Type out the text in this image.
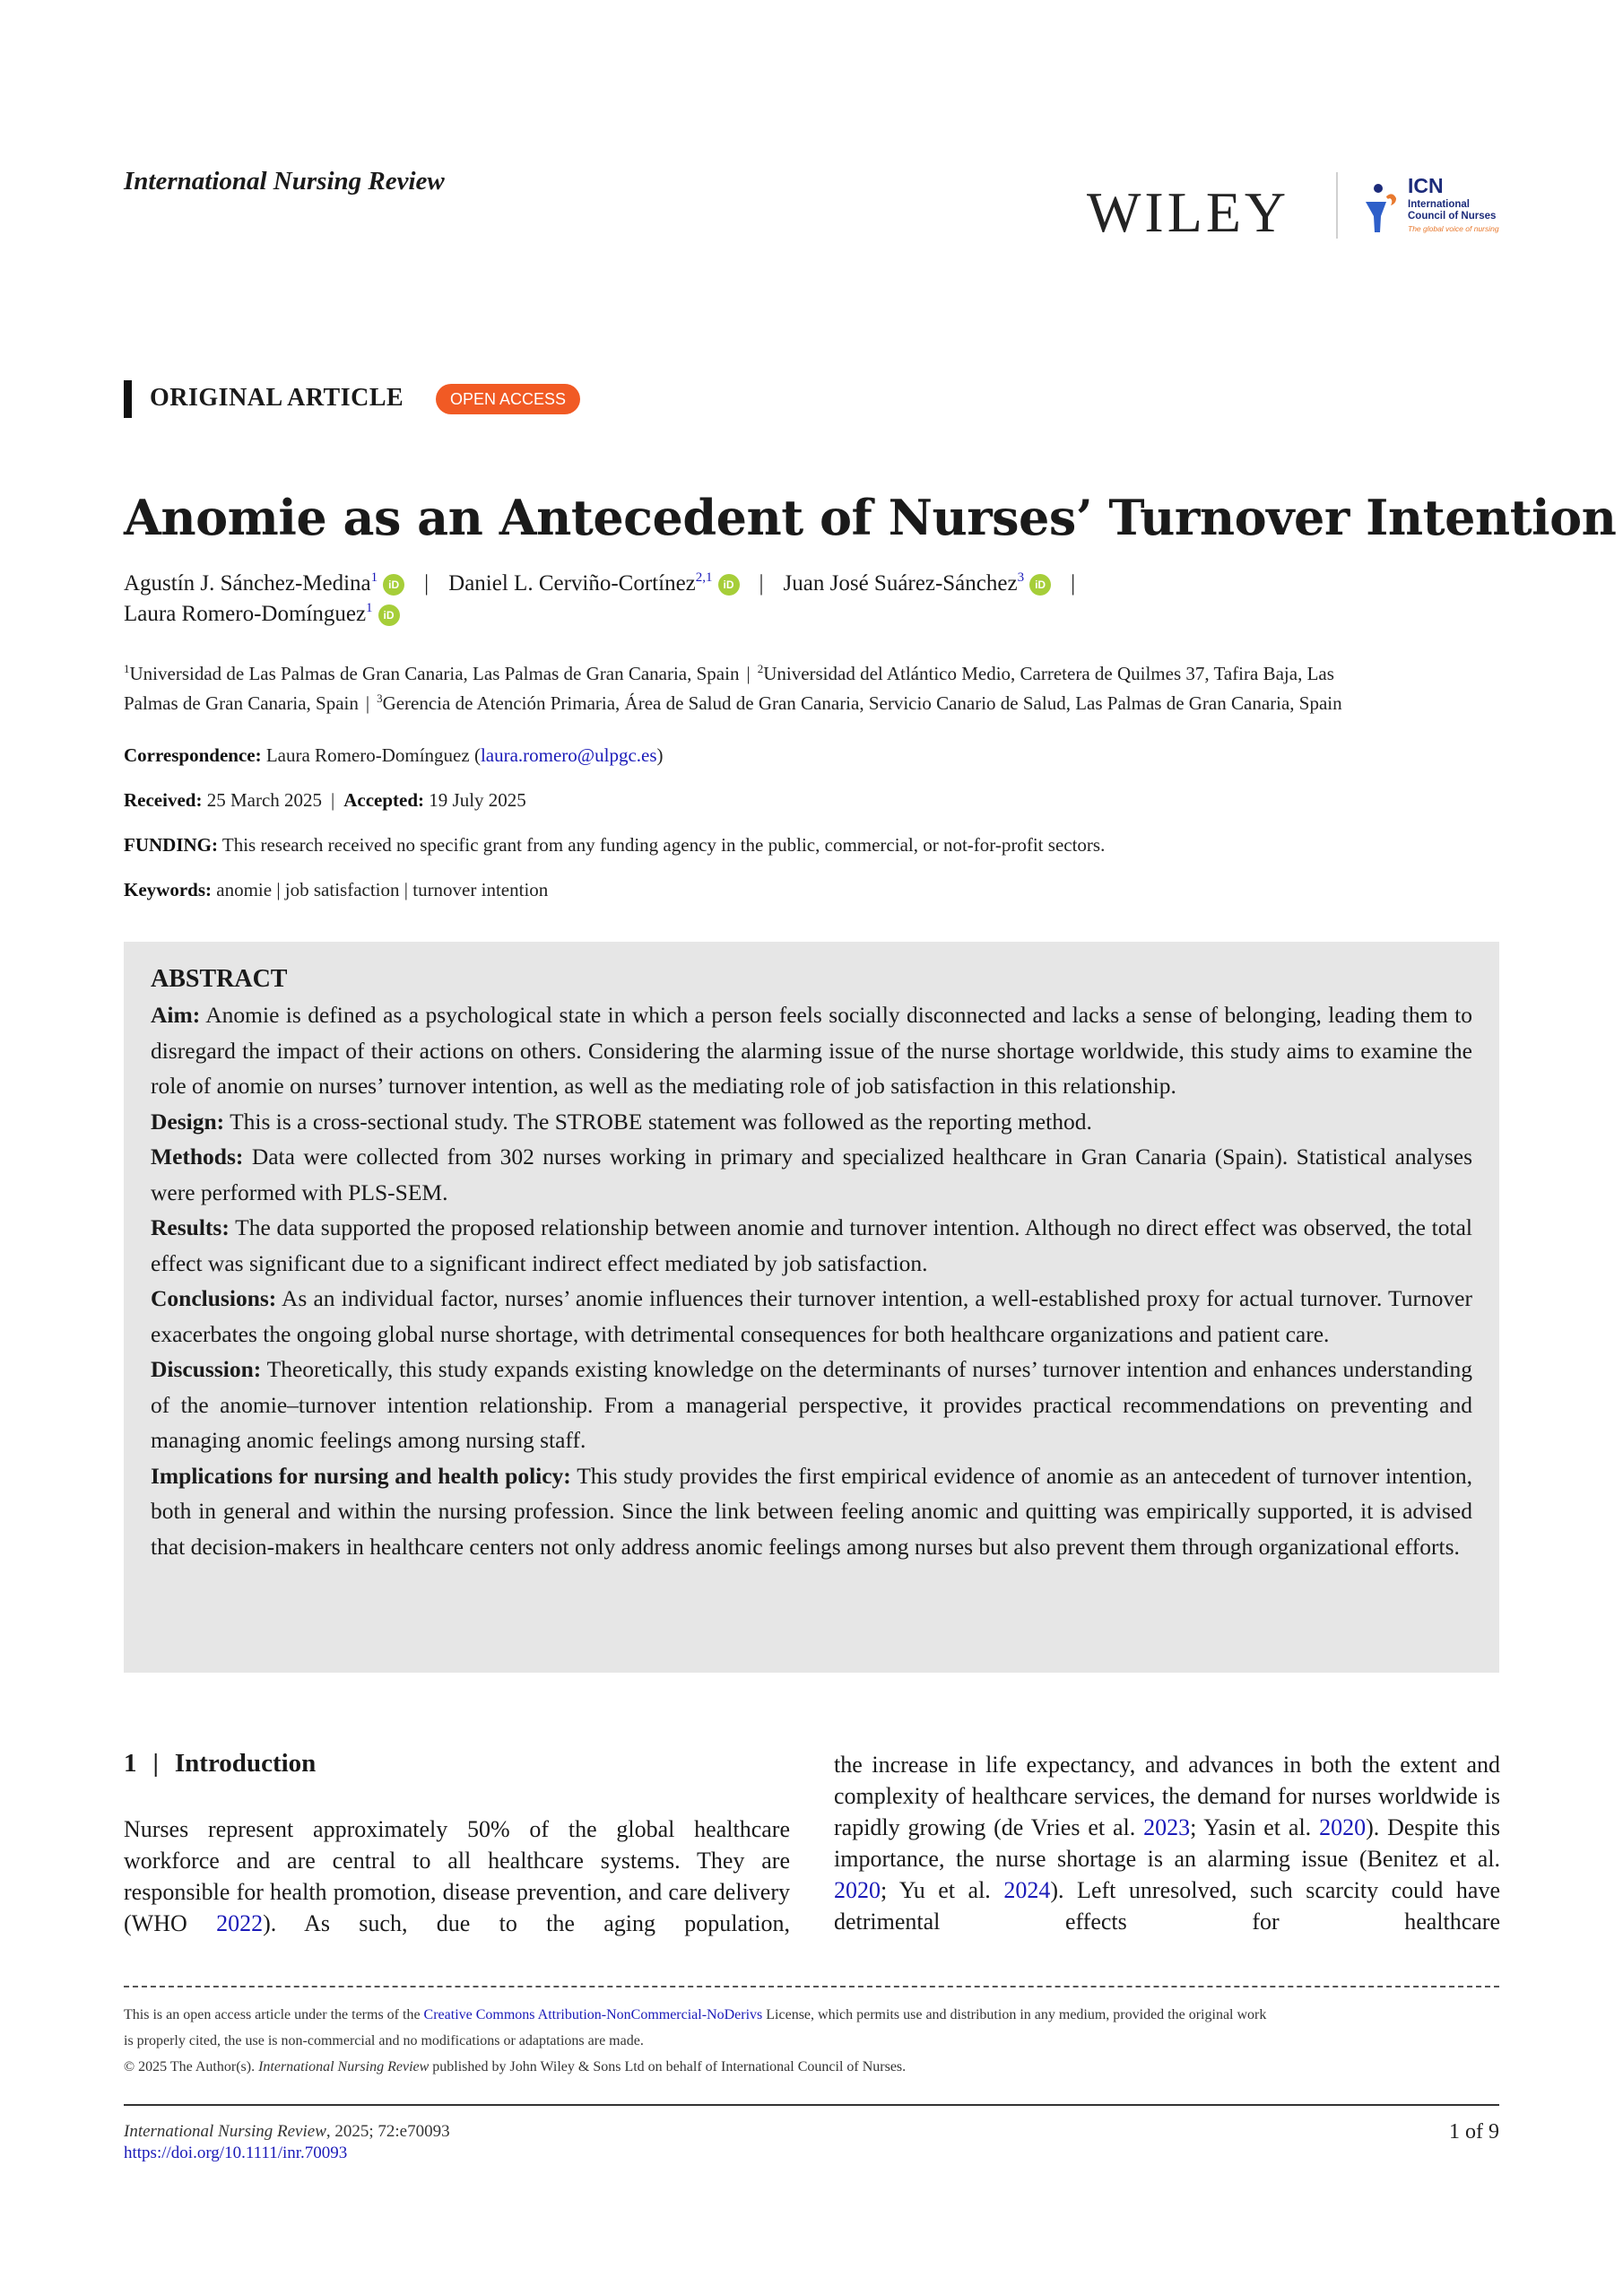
International Nursing Review	WILEY	ICN
International
Council of Nurses
The global voice of nursing
ORIGINAL ARTICLE	OPEN ACCESS
Anomie as an Antecedent of Nurses’ Turnover Intention
Agustín J. Sánchez-Medina$^1$ iD | Daniel L. Cerviño-Cortínez$^{2,1}$ iD | Juan José Suárez-Sánchez$^3$ iD |
Laura Romero-Domínguez$^1$ iD
$^1$Universidad de Las Palmas de Gran Canaria, Las Palmas de Gran Canaria, Spain | $^2$Universidad del Atlántico Medio, Carretera de Quilmes 37, Tafira Baja, Las
Palmas de Gran Canaria, Spain | $^3$Gerencia de Atención Primaria, Área de Salud de Gran Canaria, Servicio Canario de Salud, Las Palmas de Gran Canaria, Spain
Correspondence: Laura Romero-Domínguez (laura.romero@ulpgc.es)
Received: 25 March 2025 | Accepted: 19 July 2025
FUNDING: This research received no specific grant from any funding agency in the public, commercial, or not-for-profit sectors.
Keywords: anomie | job satisfaction | turnover intention
ABSTRACT

Aim: Anomie is defined as a psychological state in which a person feels socially disconnected and lacks a sense of belonging, leading them to disregard the impact of their actions on others. Considering the alarming issue of the nurse shortage worldwide, this study aims to examine the role of anomie on nurses’ turnover intention, as well as the mediating role of job satisfaction in this relationship.

Design: This is a cross-sectional study. The STROBE statement was followed as the reporting method.

Methods: Data were collected from 302 nurses working in primary and specialized healthcare in Gran Canaria (Spain). Statistical analyses were performed with PLS-SEM.

Results: The data supported the proposed relationship between anomie and turnover intention. Although no direct effect was observed, the total effect was significant due to a significant indirect effect mediated by job satisfaction.

Conclusions: As an individual factor, nurses’ anomie influences their turnover intention, a well-established proxy for actual turnover. Turnover exacerbates the ongoing global nurse shortage, with detrimental consequences for both healthcare organizations and patient care.

Discussion: Theoretically, this study expands existing knowledge on the determinants of nurses’ turnover intention and enhances understanding of the anomie–turnover intention relationship. From a managerial perspective, it provides practical recommendations on preventing and managing anomic feelings among nursing staff.

Implications for nursing and health policy: This study provides the first empirical evidence of anomie as an antecedent of turnover intention, both in general and within the nursing profession. Since the link between feeling anomic and quitting was empirically supported, it is advised that decision-makers in healthcare centers not only address anomic feelings among nurses but also prevent them through organizational efforts.

1 | Introduction
Nurses represent approximately 50% of the global healthcare workforce and are central to all healthcare systems. They are responsible for health promotion, disease prevention, and care delivery (WHO 2022). As such, due to the aging population,
the increase in life expectancy, and advances in both the extent and complexity of healthcare services, the demand for nurses worldwide is rapidly growing (de Vries et al. 2023; Yasin et al. 2020). Despite this importance, the nurse shortage is an alarming issue (Benitez et al. 2020; Yu et al. 2024). Left unresolved, such scarcity could have detrimental effects for healthcare
This is an open access article under the terms of the Creative Commons Attribution-NonCommercial-NoDerivs License, which permits use and distribution in any medium, provided the original work
is properly cited, the use is non-commercial and no modifications or adaptations are made.
© 2025 The Author(s). International Nursing Review published by John Wiley & Sons Ltd on behalf of International Council of Nurses.
International Nursing Review, 2025; 72:e70093
https://doi.org/10.1111/inr.70093
1 of 9
